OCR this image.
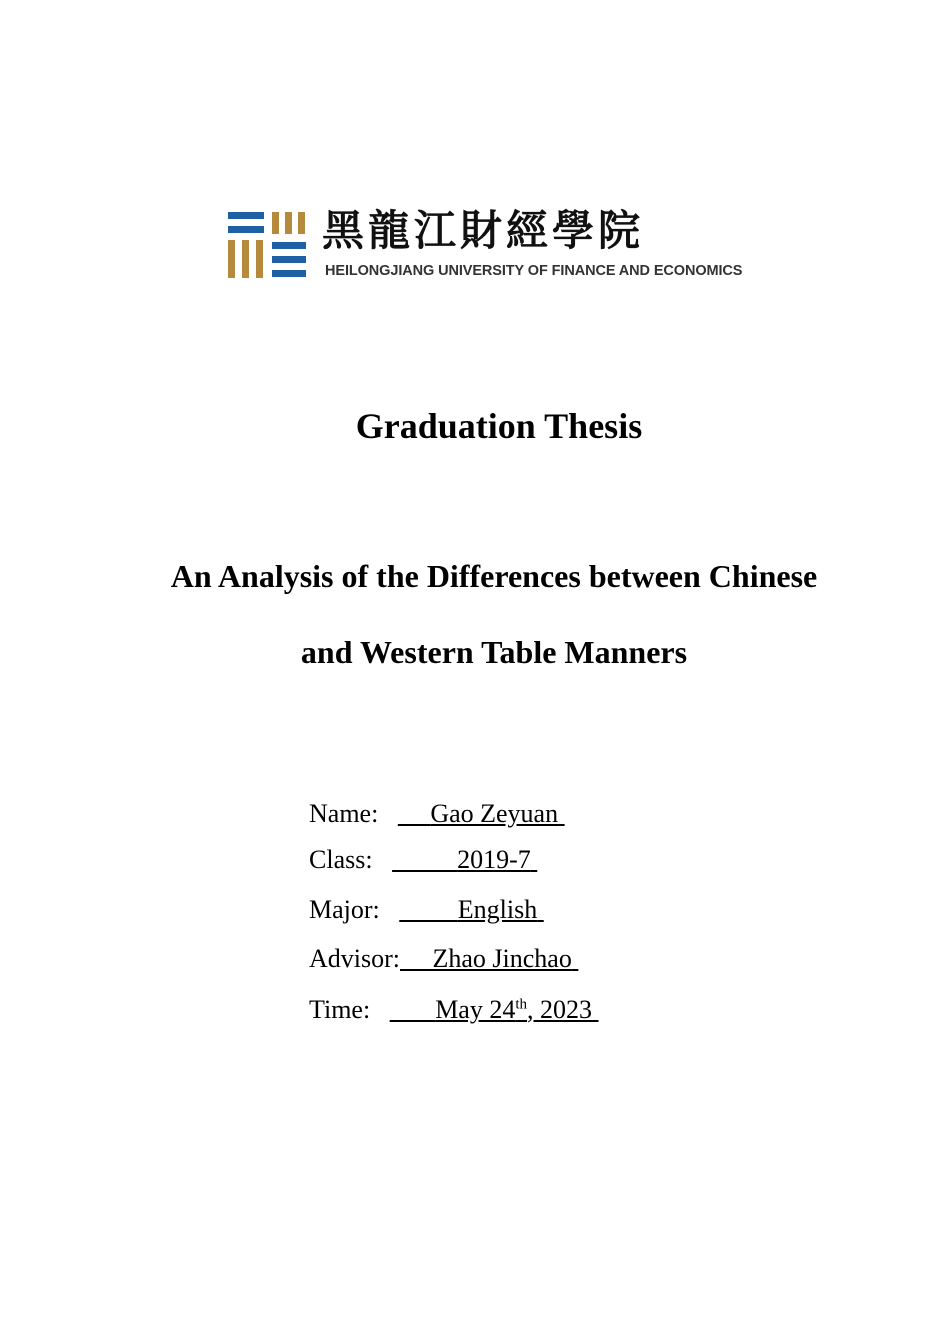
黑龍江財經學院
HEILONGJIANG UNIVERSITY OF FINANCE AND ECONOMICS
Graduation Thesis
An Analysis of the Differences between Chinese
and Western Table Manners
Name: Gao Zeyuan
Class:	2019-7
Major:	English
Advisor: Zhao Jinchao
Time:	May 24th, 2023
